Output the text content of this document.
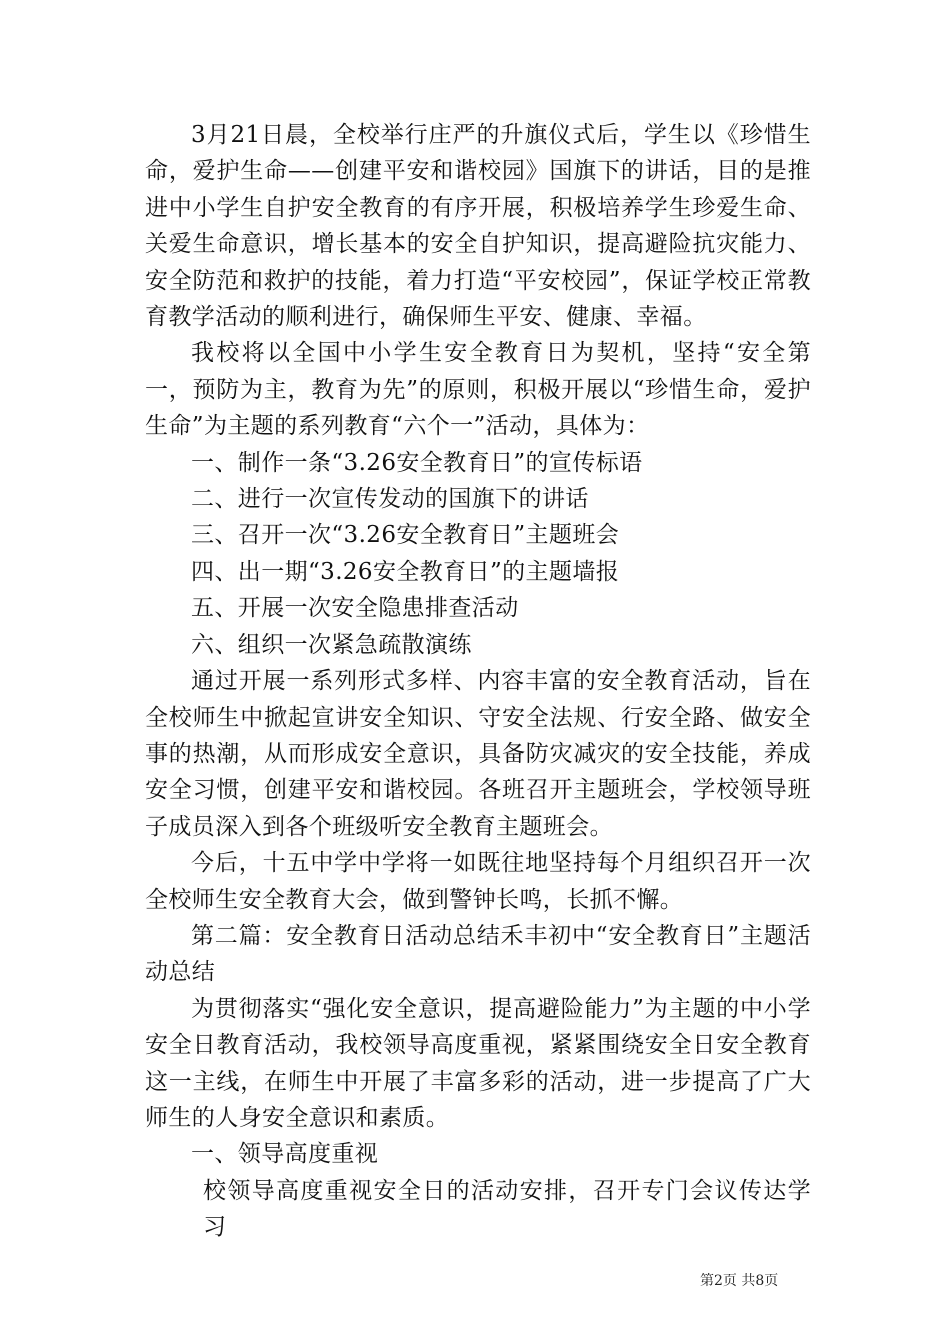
3月21日晨，全校举行庄严的升旗仪式后，学生以《珍惜生命，爱护生命——创建平安和谐校园》国旗下的讲话，目的是推进中小学生自护安全教育的有序开展，积极培养学生珍爱生命、关爱生命意识，增长基本的安全自护知识，提高避险抗灾能力、安全防范和救护的技能，着力打造“平安校园”，保证学校正常教育教学活动的顺利进行，确保师生平安、健康、幸福。

我校将以全国中小学生安全教育日为契机，坚持“安全第一，预防为主，教育为先”的原则，积极开展以“珍惜生命，爱护生命”为主题的系列教育“六个一”活动，具体为：

一、制作一条“3.26安全教育日”的宣传标语

二、进行一次宣传发动的国旗下的讲话

三、召开一次“3.26安全教育日”主题班会

四、出一期“3.26安全教育日”的主题墙报

五、开展一次安全隐患排查活动

六、组织一次紧急疏散演练

通过开展一系列形式多样、内容丰富的安全教育活动，旨在全校师生中掀起宣讲安全知识、守安全法规、行安全路、做安全事的热潮，从而形成安全意识，具备防灾减灾的安全技能，养成安全习惯，创建平安和谐校园。各班召开主题班会，学校领导班子成员深入到各个班级听安全教育主题班会。

今后，十五中学中学将一如既往地坚持每个月组织召开一次全校师生安全教育大会，做到警钟长鸣，长抓不懈。

第二篇：安全教育日活动总结禾丰初中“安全教育日”主题活动总结

为贯彻落实“强化安全意识，提高避险能力”为主题的中小学安全日教育活动，我校领导高度重视，紧紧围绕安全日安全教育这一主线，在师生中开展了丰富多彩的活动，进一步提高了广大师生的人身安全意识和素质。

一、领导高度重视

校领导高度重视安全日的活动安排，召开专门会议传达学习

第2页 共8页
